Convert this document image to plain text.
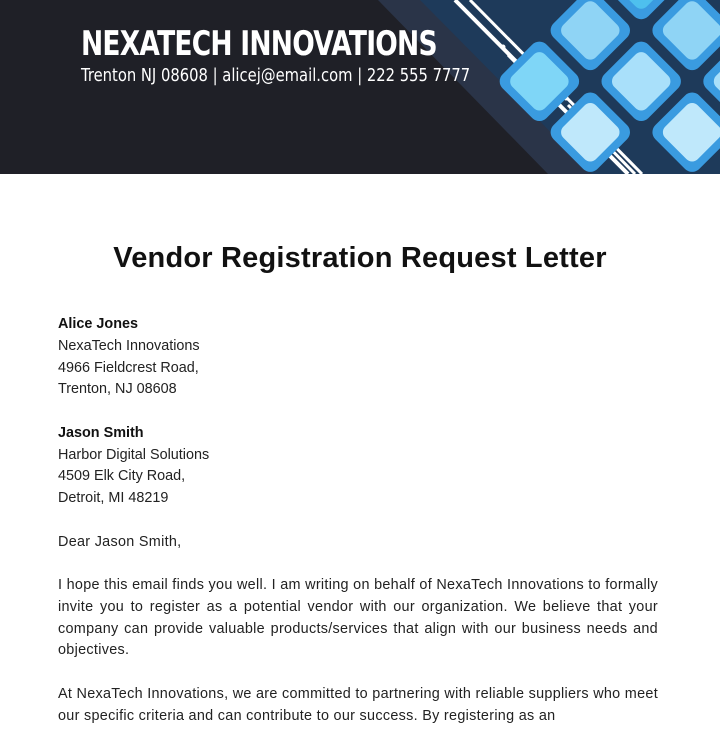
NEXATECH INNOVATIONS
Trenton NJ 08608 | alicej@email.com | 222 555 7777
Vendor Registration Request Letter
Alice Jones
NexaTech Innovations
4966 Fieldcrest Road,
Trenton, NJ 08608
Jason Smith
Harbor Digital Solutions
4509 Elk City Road,
Detroit, MI 48219

Dear Jason Smith,

I hope this email finds you well. I am writing on behalf of NexaTech Innovations to formally invite you to register as a potential vendor with our organization. We believe that your company can provide valuable products/services that align with our business needs and objectives.

At NexaTech Innovations, we are committed to partnering with reliable suppliers who meet our specific criteria and can contribute to our success. By registering as an
